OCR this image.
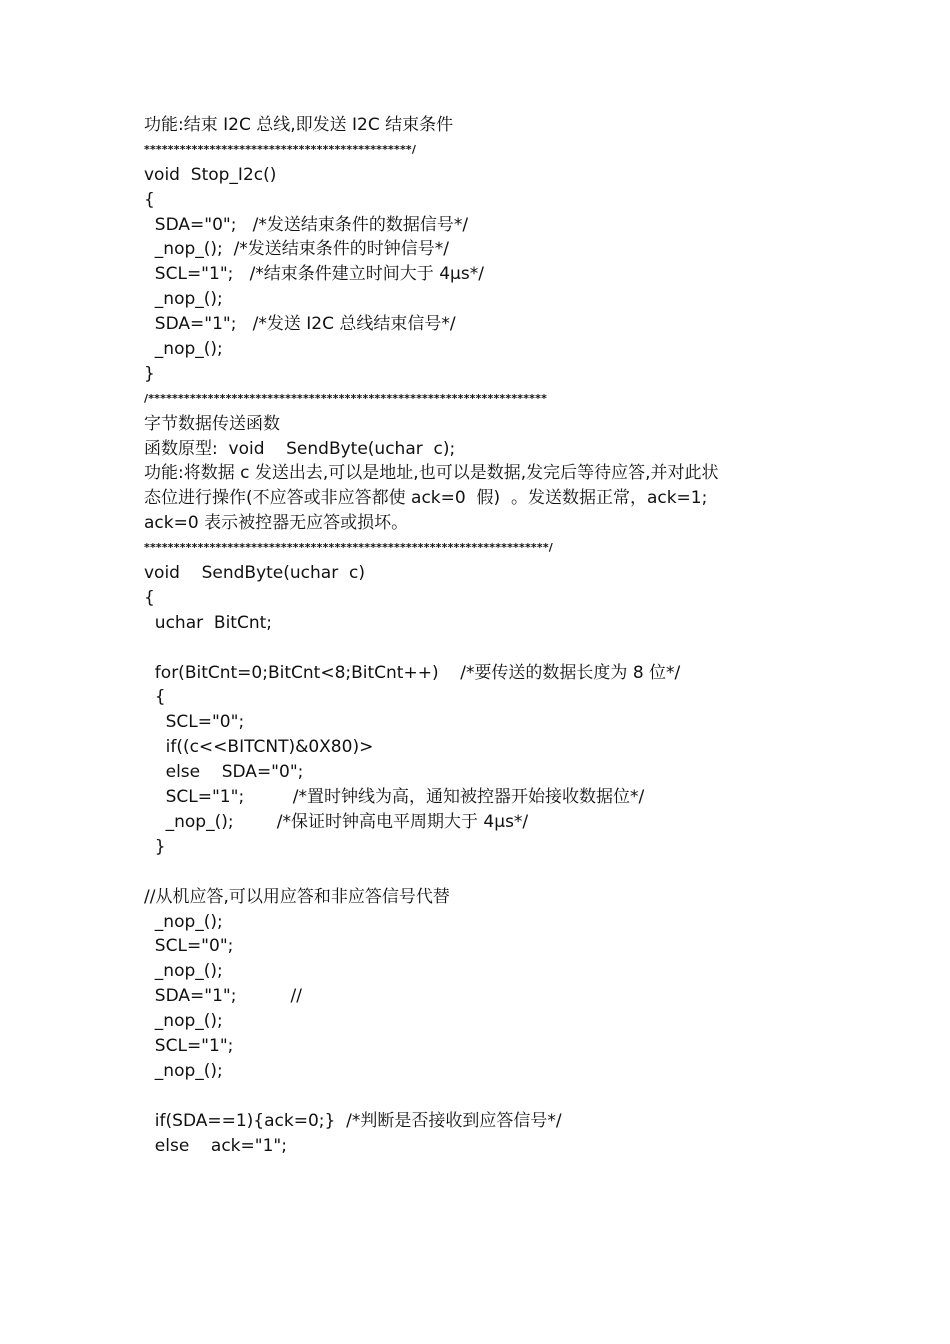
功能:结束 I2C 总线,即发送 I2C 结束条件
*********************************************/
void  Stop_I2c()
{
SDA="0";   /*发送结束条件的数据信号*/
_nop_();  /*发送结束条件的时钟信号*/
SCL="1";   /*结束条件建立时间大于 4μs*/
_nop_();
SDA="1";   /*发送 I2C 总线结束信号*/
_nop_();
}
/*******************************************************************
字节数据传送函数
函数原型:  void    SendByte(uchar  c);
功能:将数据 c 发送出去,可以是地址,也可以是数据,发完后等待应答,并对此状
态位进行操作(不应答或非应答都使 ack=0  假)  。发送数据正常，ack=1;
ack=0 表示被控器无应答或损坏。
********************************************************************/
void    SendByte(uchar  c)
{
uchar  BitCnt;
for(BitCnt=0;BitCnt<8;BitCnt++)    /*要传送的数据长度为 8 位*/
{
SCL="0";
if((c<<BITCNT)&0X80)>
else    SDA="0";
SCL="1";         /*置时钟线为高，通知被控器开始接收数据位*/
_nop_();        /*保证时钟高电平周期大于 4μs*/
}
//从机应答,可以用应答和非应答信号代替
_nop_();
SCL="0";
_nop_();
SDA="1";          //
_nop_();
SCL="1";
_nop_();
if(SDA==1){ack=0;}  /*判断是否接收到应答信号*/
else    ack="1";
